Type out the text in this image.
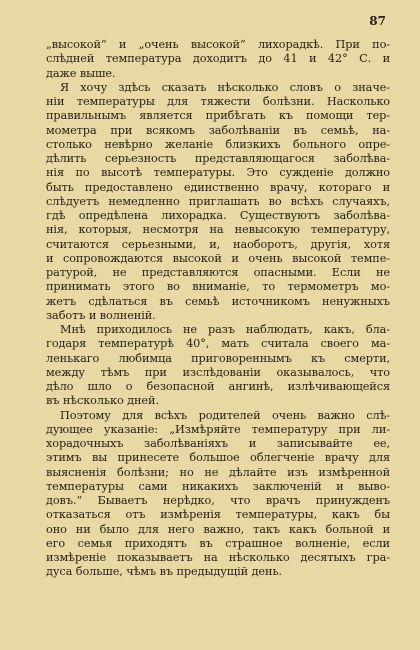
87
„высокой“ и „очень высокой“ лихорадкѣ. При по-
слѣдней температура доходитъ до 41 и 42° С. и
даже выше.
Я хочу здѣсь сказать нѣсколько словъ о значе-
ніи температуры для тяжести болѣзни. Насколько
правильнымъ является прибѣгать къ помощи тер-
мометра при всякомъ заболѣваніи въ семьѣ, на-
столько невѣрно желаніе близкихъ больного опре-
дѣлить серьезность представляющагося заболѣва-
нія по высотѣ температуры. Это сужденіе должно
быть предоставлено единственно врачу, котораго и
слѣдуетъ немедленно приглашать во всѣхъ случаяхъ,
гдѣ опредѣлена лихорадка. Существуютъ заболѣва-
нія, которыя, несмотря на невысокую температуру,
считаются серьезными, и, наоборотъ, другія, хотя
и сопровождаются высокой и очень высокой темпе-
ратурой, не представляются опасными. Если не
принимать этого во вниманіе, то термометръ мо-
жетъ сдѣлаться въ семьѣ источникомъ ненужныхъ
заботъ и волненій.
Мнѣ приходилось не разъ наблюдать, какъ, бла-
годаря температурѣ 40°, мать считала своего ма-
ленькаго любимца приговореннымъ къ смерти,
между тѣмъ при изслѣдованіи оказывалось, что
дѣло шло о безопасной ангинѣ, излѣчивающейся
въ нѣсколько дней.
Поэтому для всѣхъ родителей очень важно слѣ-
дующее указаніе: „Измѣряйте температуру при ли-
хорадочныхъ заболѣваніяхъ и записывайте ее,
этимъ вы принесете большое облегченіе врачу для
выясненія болѣзни; но не дѣлайте изъ измѣренной
температуры сами никакихъ заключеній и выво-
довъ.“ Бываетъ нерѣдко, что врачъ принужденъ
отказаться отъ измѣренія температуры, какъ бы
оно ни было для него важно, такъ какъ больной и
его семья приходятъ въ страшное волненіе, если
измѣреніе показываетъ на нѣсколько десятыхъ гра-
дуса больше, чѣмъ въ предыдущій день.
